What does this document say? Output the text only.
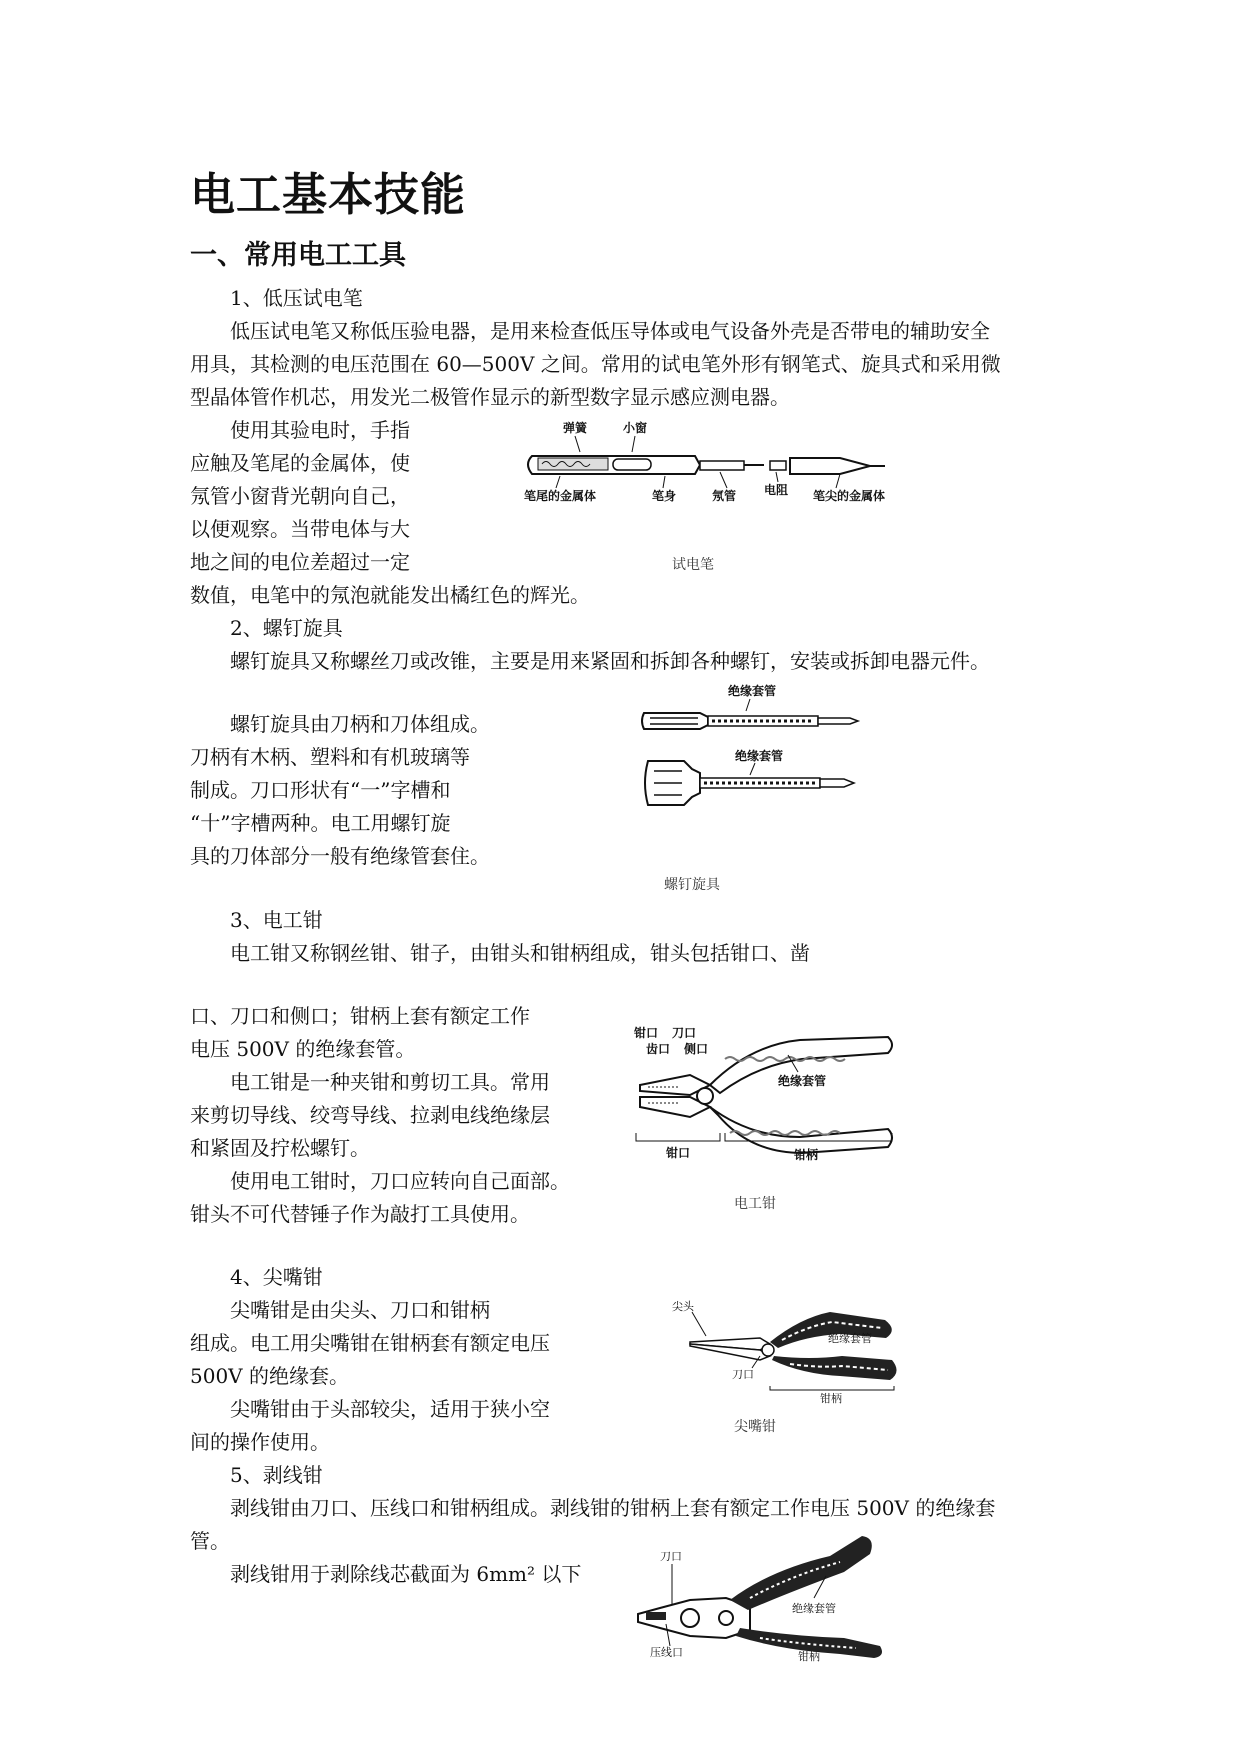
电工基本技能
一、常用电工工具
1、低压试电笔
低压试电笔又称低压验电器，是用来检查低压导体或电气设备外壳是否带电的辅助安全
用具，其检测的电压范围在 60—500V 之间。常用的试电笔外形有钢笔式、旋具式和采用微
型晶体管作机芯，用发光二极管作显示的新型数字显示感应测电器。
使用其验电时，手指
应触及笔尾的金属体，使
氖管小窗背光朝向自己，
以便观察。当带电体与大
地之间的电位差超过一定
数值，电笔中的氖泡就能发出橘红色的辉光。
弹簧	小窗
笔尾的金属体	笔身	氖管 电阻 笔尖的金属体
试电笔
2、螺钉旋具
螺钉旋具又称螺丝刀或改锥，主要是用来紧固和拆卸各种螺钉，安装或拆卸电器元件。
螺钉旋具由刀柄和刀体组成。
刀柄有木柄、塑料和有机玻璃等
制成。刀口形状有“一”字槽和
“十”字槽两种。电工用螺钉旋
具的刀体部分一般有绝缘管套住。
绝缘套管
绝缘套管
螺钉旋具
3、电工钳
电工钳又称钢丝钳、钳子，由钳头和钳柄组成，钳头包括钳口、凿
口、刀口和侧口；钳柄上套有额定工作
电压 500V 的绝缘套管。
电工钳是一种夹钳和剪切工具。常用
来剪切导线、绞弯导线、拉剥电线绝缘层
和紧固及拧松螺钉。
使用电工钳时，刀口应转向自己面部。
钳头不可代替锤子作为敲打工具使用。
钳口 刀口
齿口 侧口
绝缘套管
钳口	钳柄
电工钳
4、尖嘴钳
尖嘴钳是由尖头、刀口和钳柄
组成。电工用尖嘴钳在钳柄套有额定电压
500V 的绝缘套。
尖嘴钳由于头部较尖，适用于狭小空
间的操作使用。
尖头
绝缘套管
刀口
钳柄
尖嘴钳
5、剥线钳
剥线钳由刀口、压线口和钳柄组成。剥线钳的钳柄上套有额定工作电压 500V 的绝缘套
管。
剥线钳用于剥除线芯截面为 6mm² 以下
刀口
绝缘套管
压线口	钳柄
